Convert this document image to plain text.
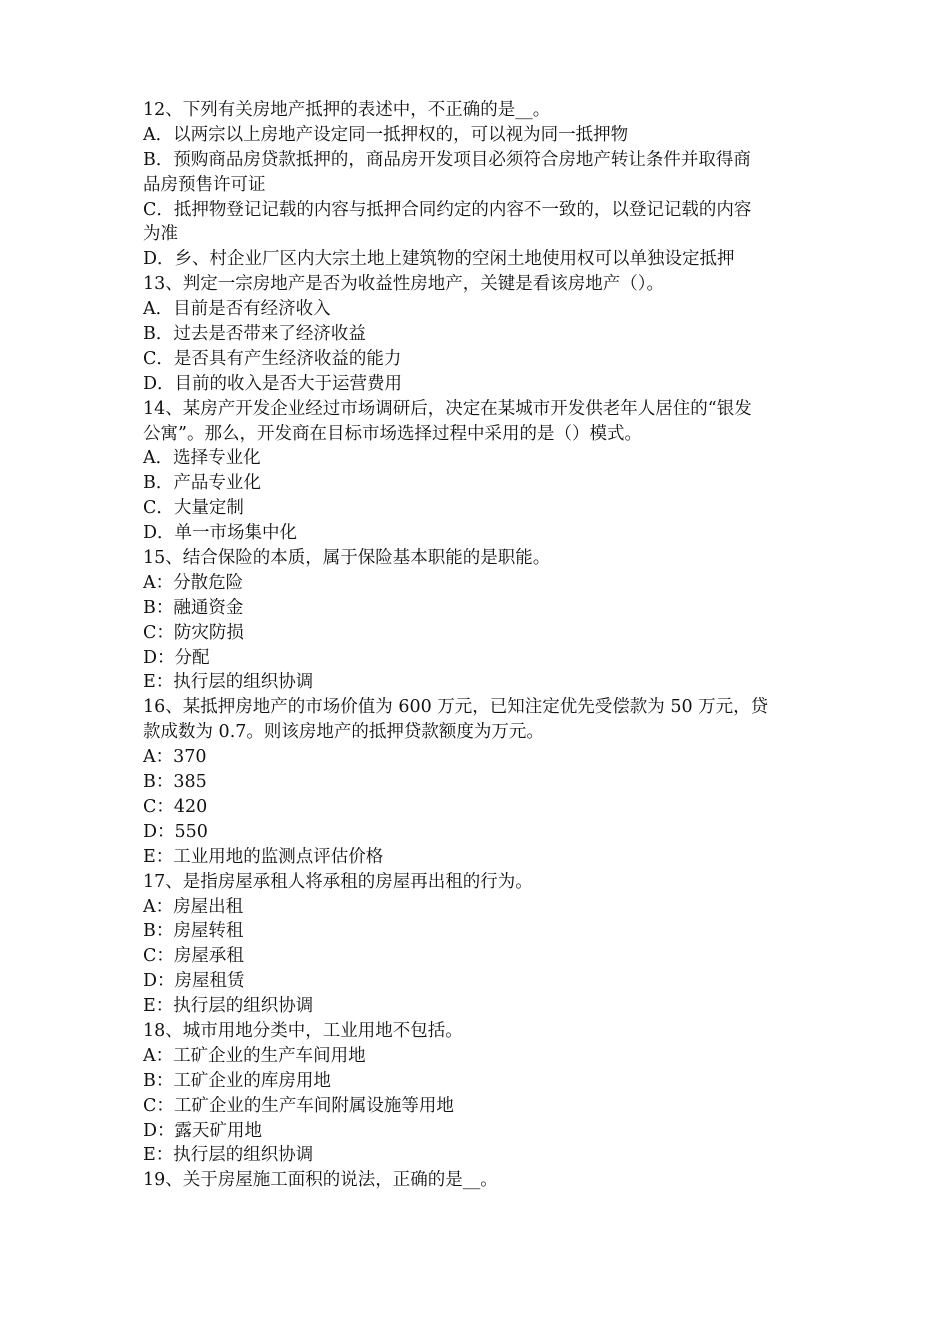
12、下列有关房地产抵押的表述中，不正确的是__。
A．以两宗以上房地产设定同一抵押权的，可以视为同一抵押物
B．预购商品房贷款抵押的，商品房开发项目必须符合房地产转让条件并取得商
品房预售许可证
C．抵押物登记记载的内容与抵押合同约定的内容不一致的，以登记记载的内容
为准
D．乡、村企业厂区内大宗土地上建筑物的空闲土地使用权可以单独设定抵押
13、判定一宗房地产是否为收益性房地产，关键是看该房地产（）。
A．目前是否有经济收入
B．过去是否带来了经济收益
C．是否具有产生经济收益的能力
D．目前的收入是否大于运营费用
14、某房产开发企业经过市场调研后，决定在某城市开发供老年人居住的“银发
公寓”。那么，开发商在目标市场选择过程中采用的是（）模式。
A．选择专业化
B．产品专业化
C．大量定制
D．单一市场集中化
15、结合保险的本质，属于保险基本职能的是职能。
A：分散危险
B：融通资金
C：防灾防损
D：分配
E：执行层的组织协调
16、某抵押房地产的市场价值为 600 万元，已知注定优先受偿款为 50 万元，贷
款成数为 0.7。则该房地产的抵押贷款额度为万元。
A：370
B：385
C：420
D：550
E：工业用地的监测点评估价格
17、是指房屋承租人将承租的房屋再出租的行为。
A：房屋出租
B：房屋转租
C：房屋承租
D：房屋租赁
E：执行层的组织协调
18、城市用地分类中，工业用地不包括。
A：工矿企业的生产车间用地
B：工矿企业的库房用地
C：工矿企业的生产车间附属设施等用地
D：露天矿用地
E：执行层的组织协调
19、关于房屋施工面积的说法，正确的是__。
